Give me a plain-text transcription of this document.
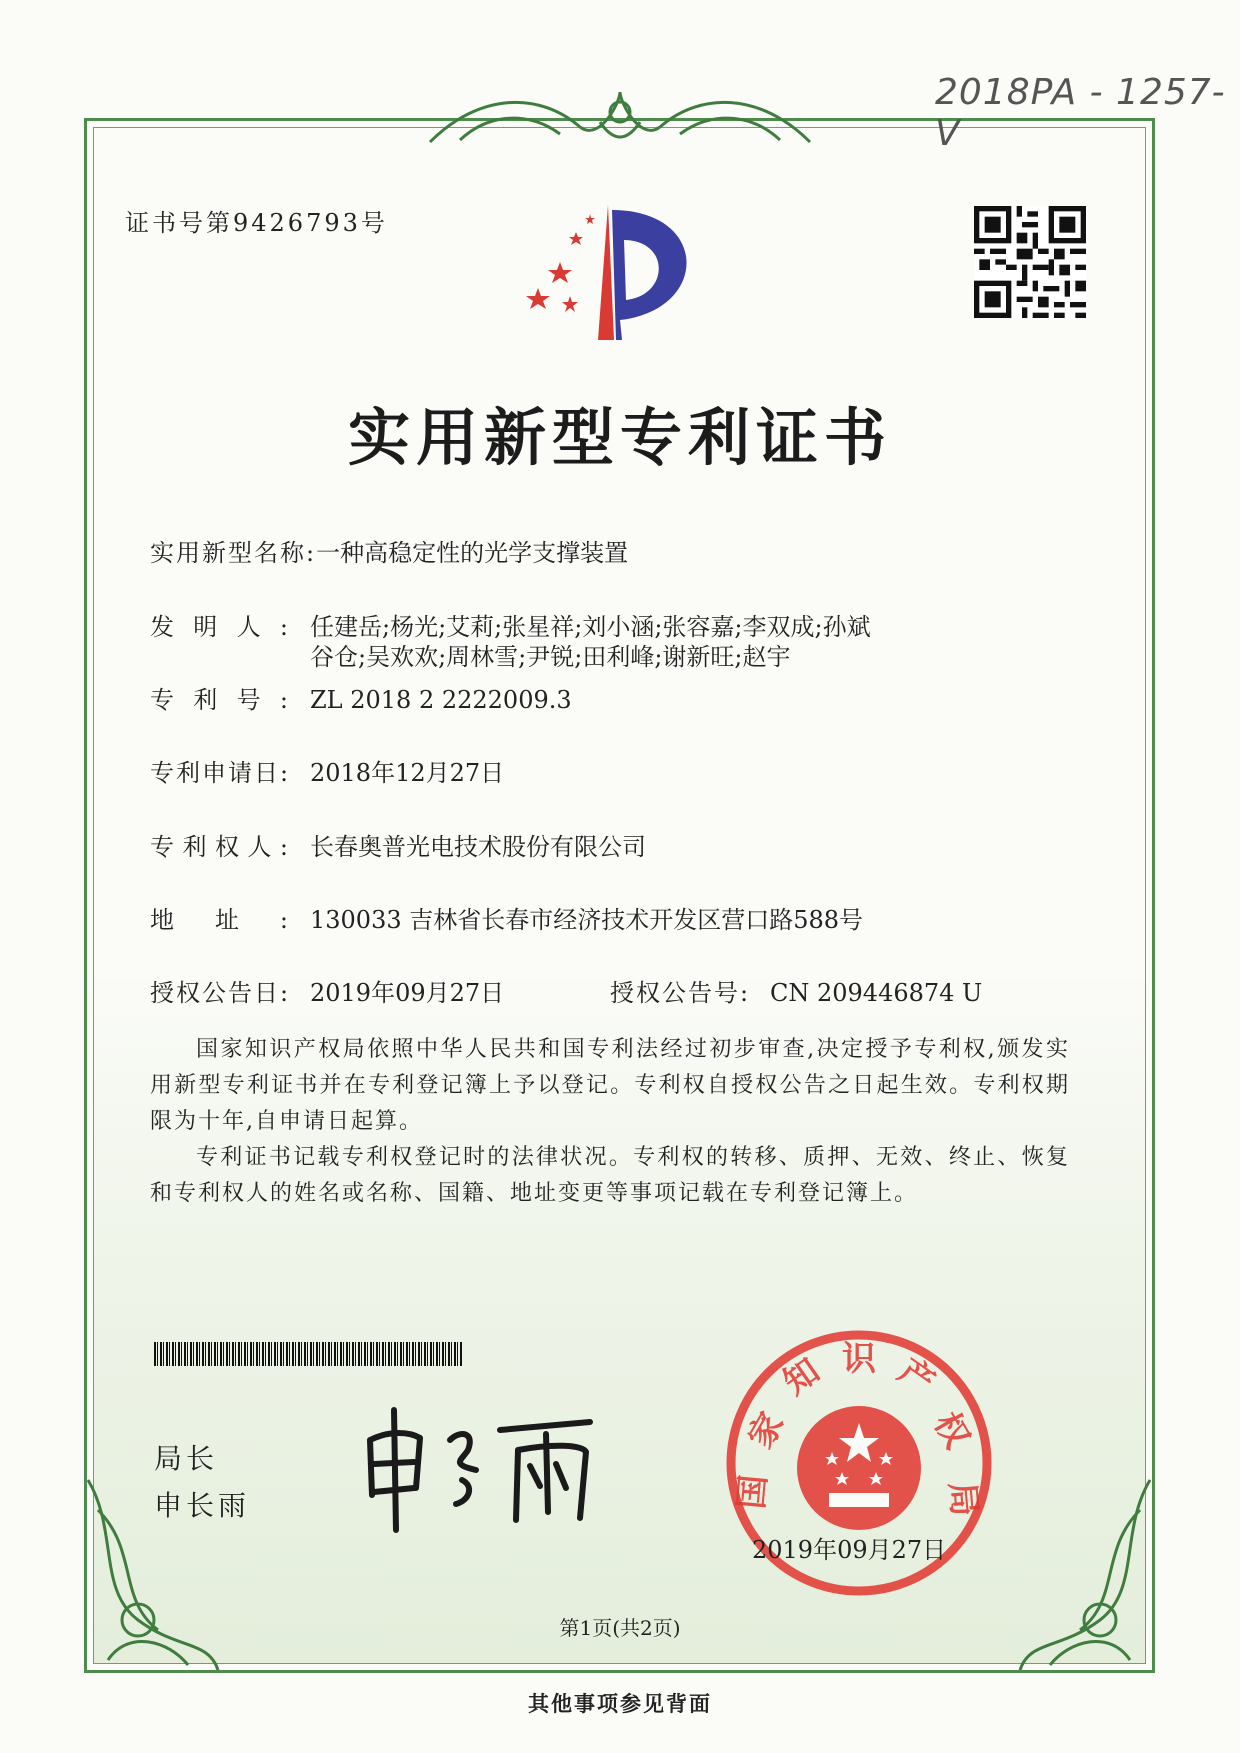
2018PA - 1257-V
证书号第9426793号
实用新型专利证书
实用新型名称:一种高稳定性的光学支撑装置
发明人: 任建岳;杨光;艾莉;张星祥;刘小涵;张容嘉;李双成;孙斌
谷仓;吴欢欢;周林雪;尹锐;田利峰;谢新旺;赵宇
专利号: ZL 2018 2 2222009.3
专利申请日: 2018年12月27日
专利权人: 长春奥普光电技术股份有限公司
地址: 130033 吉林省长春市经济技术开发区营口路588号
授权公告日: 2019年09月27日	授权公告号: CN 209446874 U

国家知识产权局依照中华人民共和国专利法经过初步审查,决定授予专利权,颁发实用新型专利证书并在专利登记簿上予以登记。专利权自授权公告之日起生效。专利权期限为十年,自申请日起算。

专利证书记载专利权登记时的法律状况。专利权的转移、质押、无效、终止、恢复和专利权人的姓名或名称、国籍、地址变更等事项记载在专利登记簿上。

局长
申长雨
家
知 识 产
权
国	局
2019年09月27日
第1页(共2页)
其他事项参见背面
